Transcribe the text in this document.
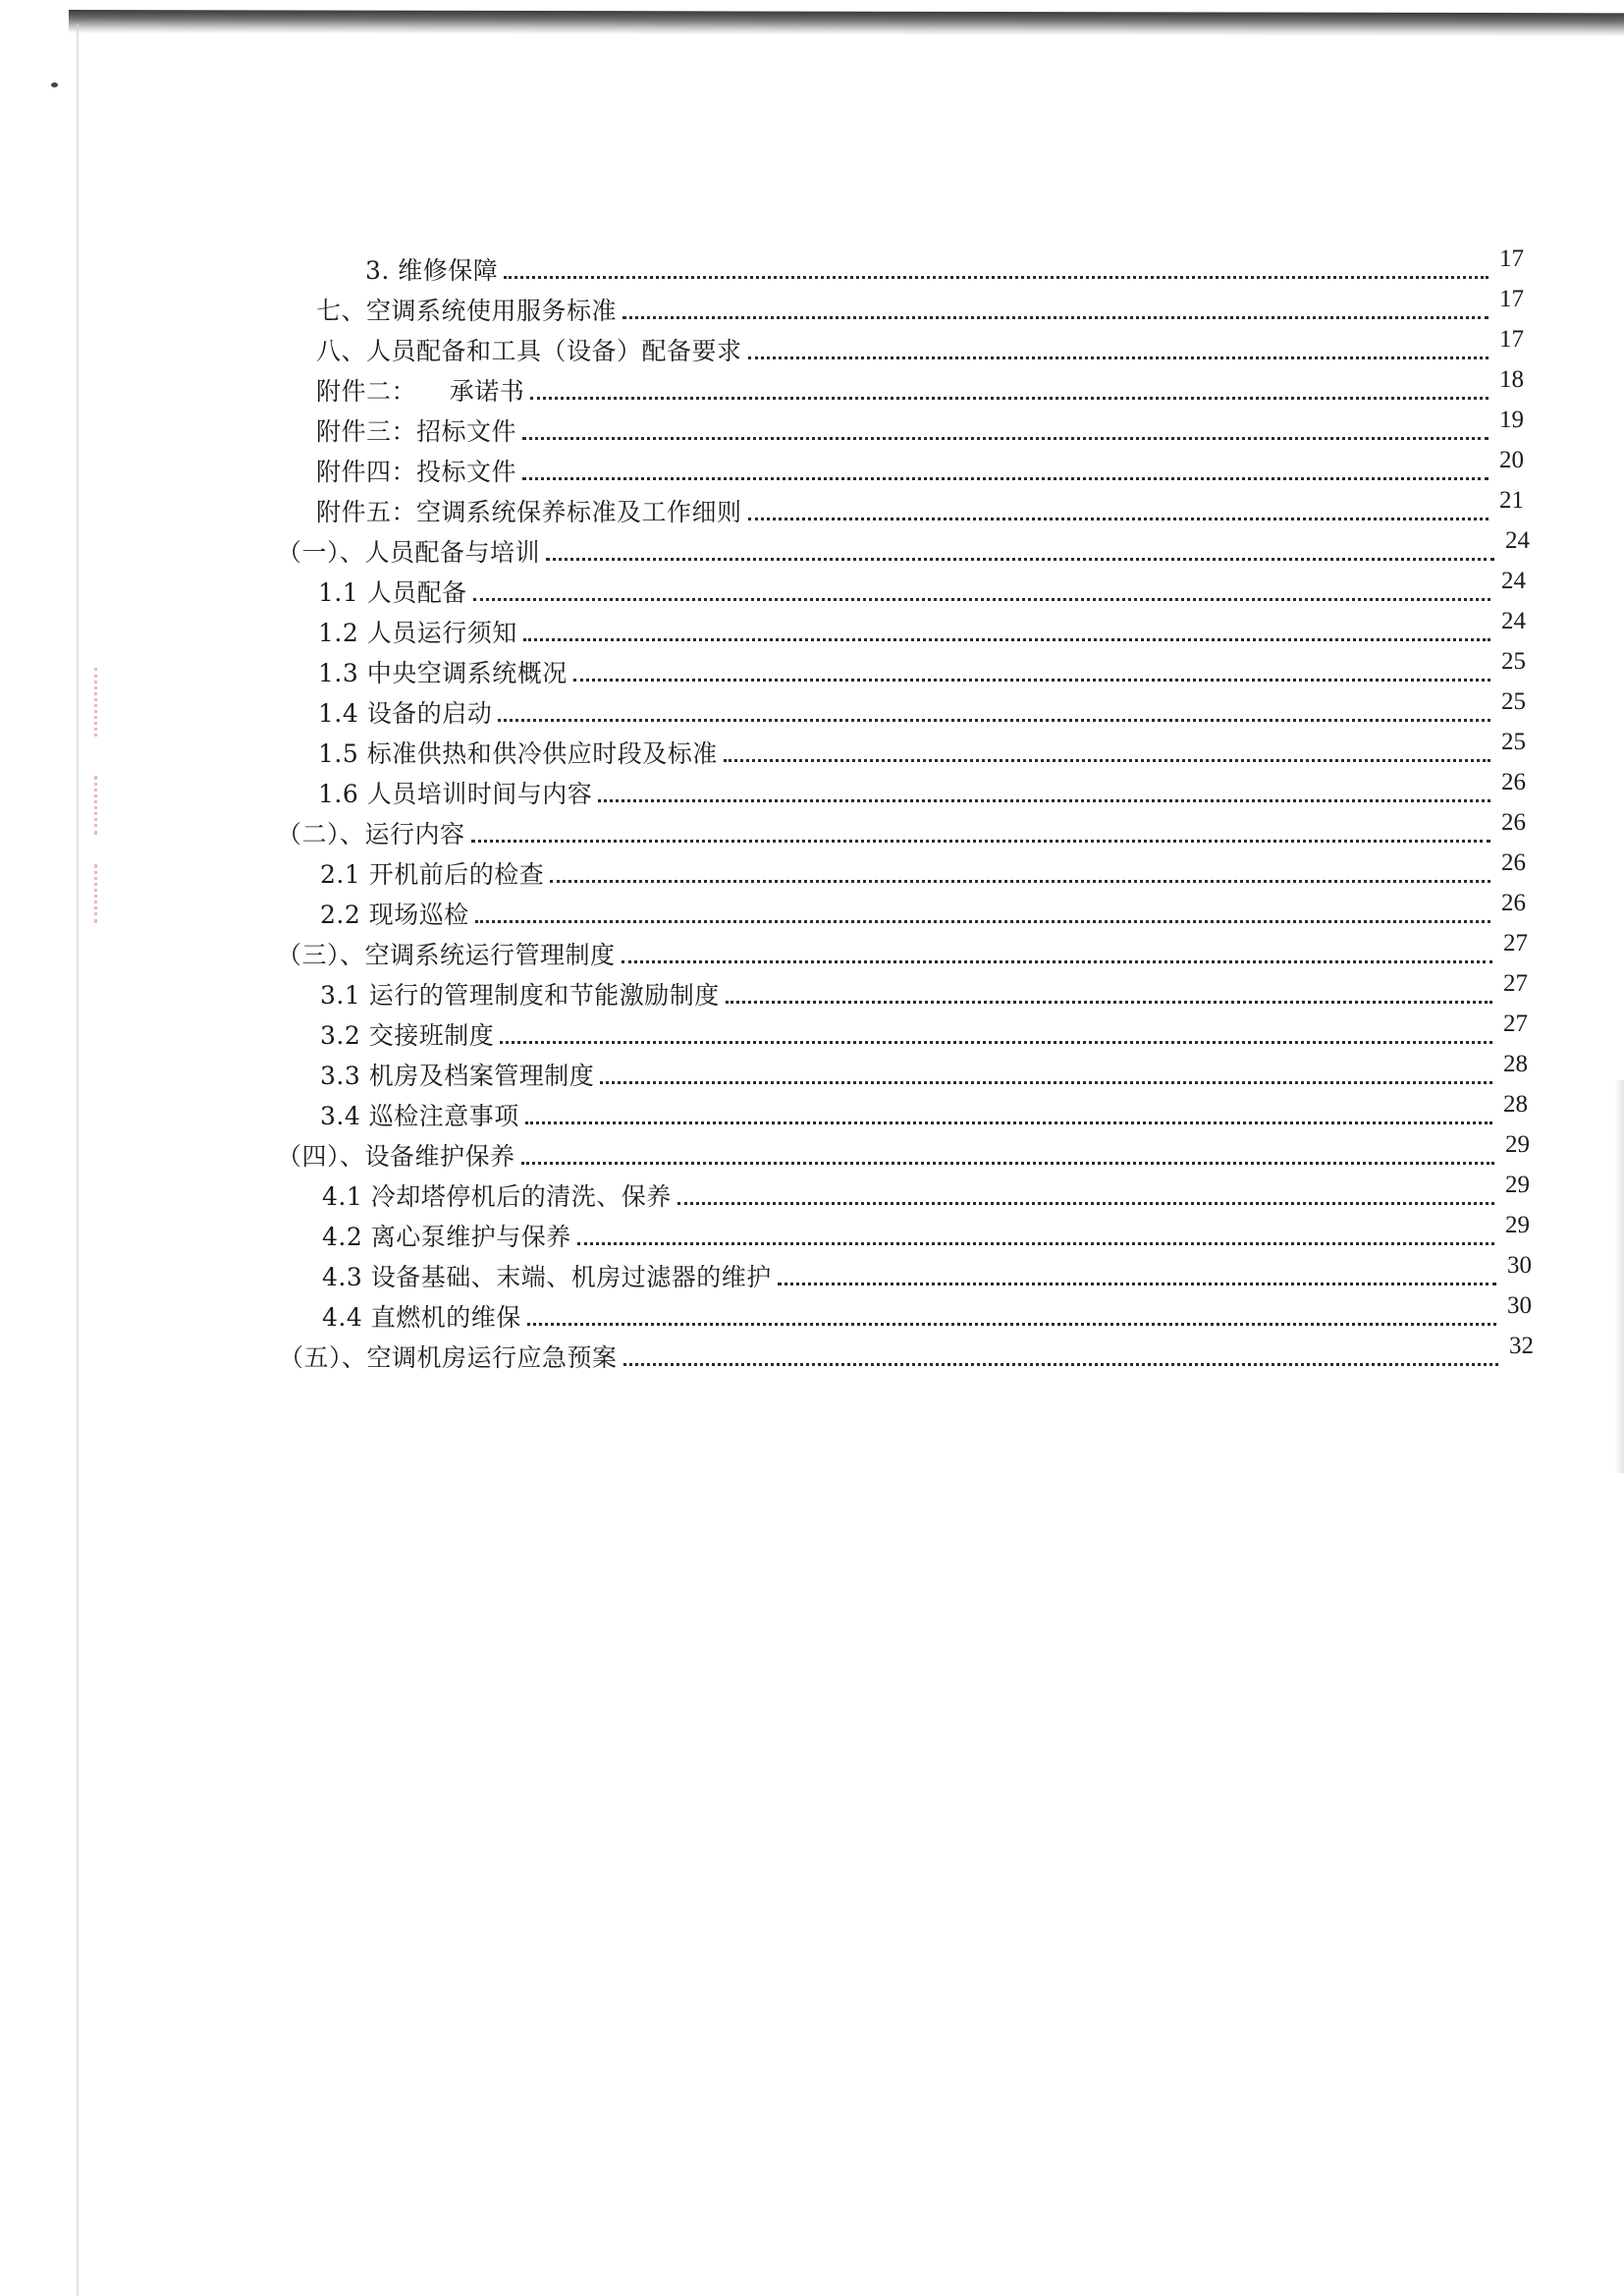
3. 维修保障	17
七、空调系统使用服务标准	17
八、人员配备和工具（设备）配备要求	17
附件二：    承诺书	18
附件三：招标文件	19
附件四：投标文件	20
附件五：空调系统保养标准及工作细则	21
（一）、人员配备与培训	24
1.1 人员配备	24
1.2 人员运行须知	24
1.3 中央空调系统概况	25
1.4 设备的启动	25
1.5 标准供热和供冷供应时段及标准	25
1.6 人员培训时间与内容	26
（二）、运行内容	26
2.1 开机前后的检查	26
2.2 现场巡检	26
（三）、空调系统运行管理制度	27
3.1 运行的管理制度和节能激励制度	27
3.2 交接班制度	27
3.3 机房及档案管理制度	28
3.4 巡检注意事项	28
（四）、设备维护保养	29
4.1 冷却塔停机后的清洗、保养	29
4.2 离心泵维护与保养	29
4.3 设备基础、末端、机房过滤器的维护	30
4.4 直燃机的维保	30
（五）、空调机房运行应急预案	32
